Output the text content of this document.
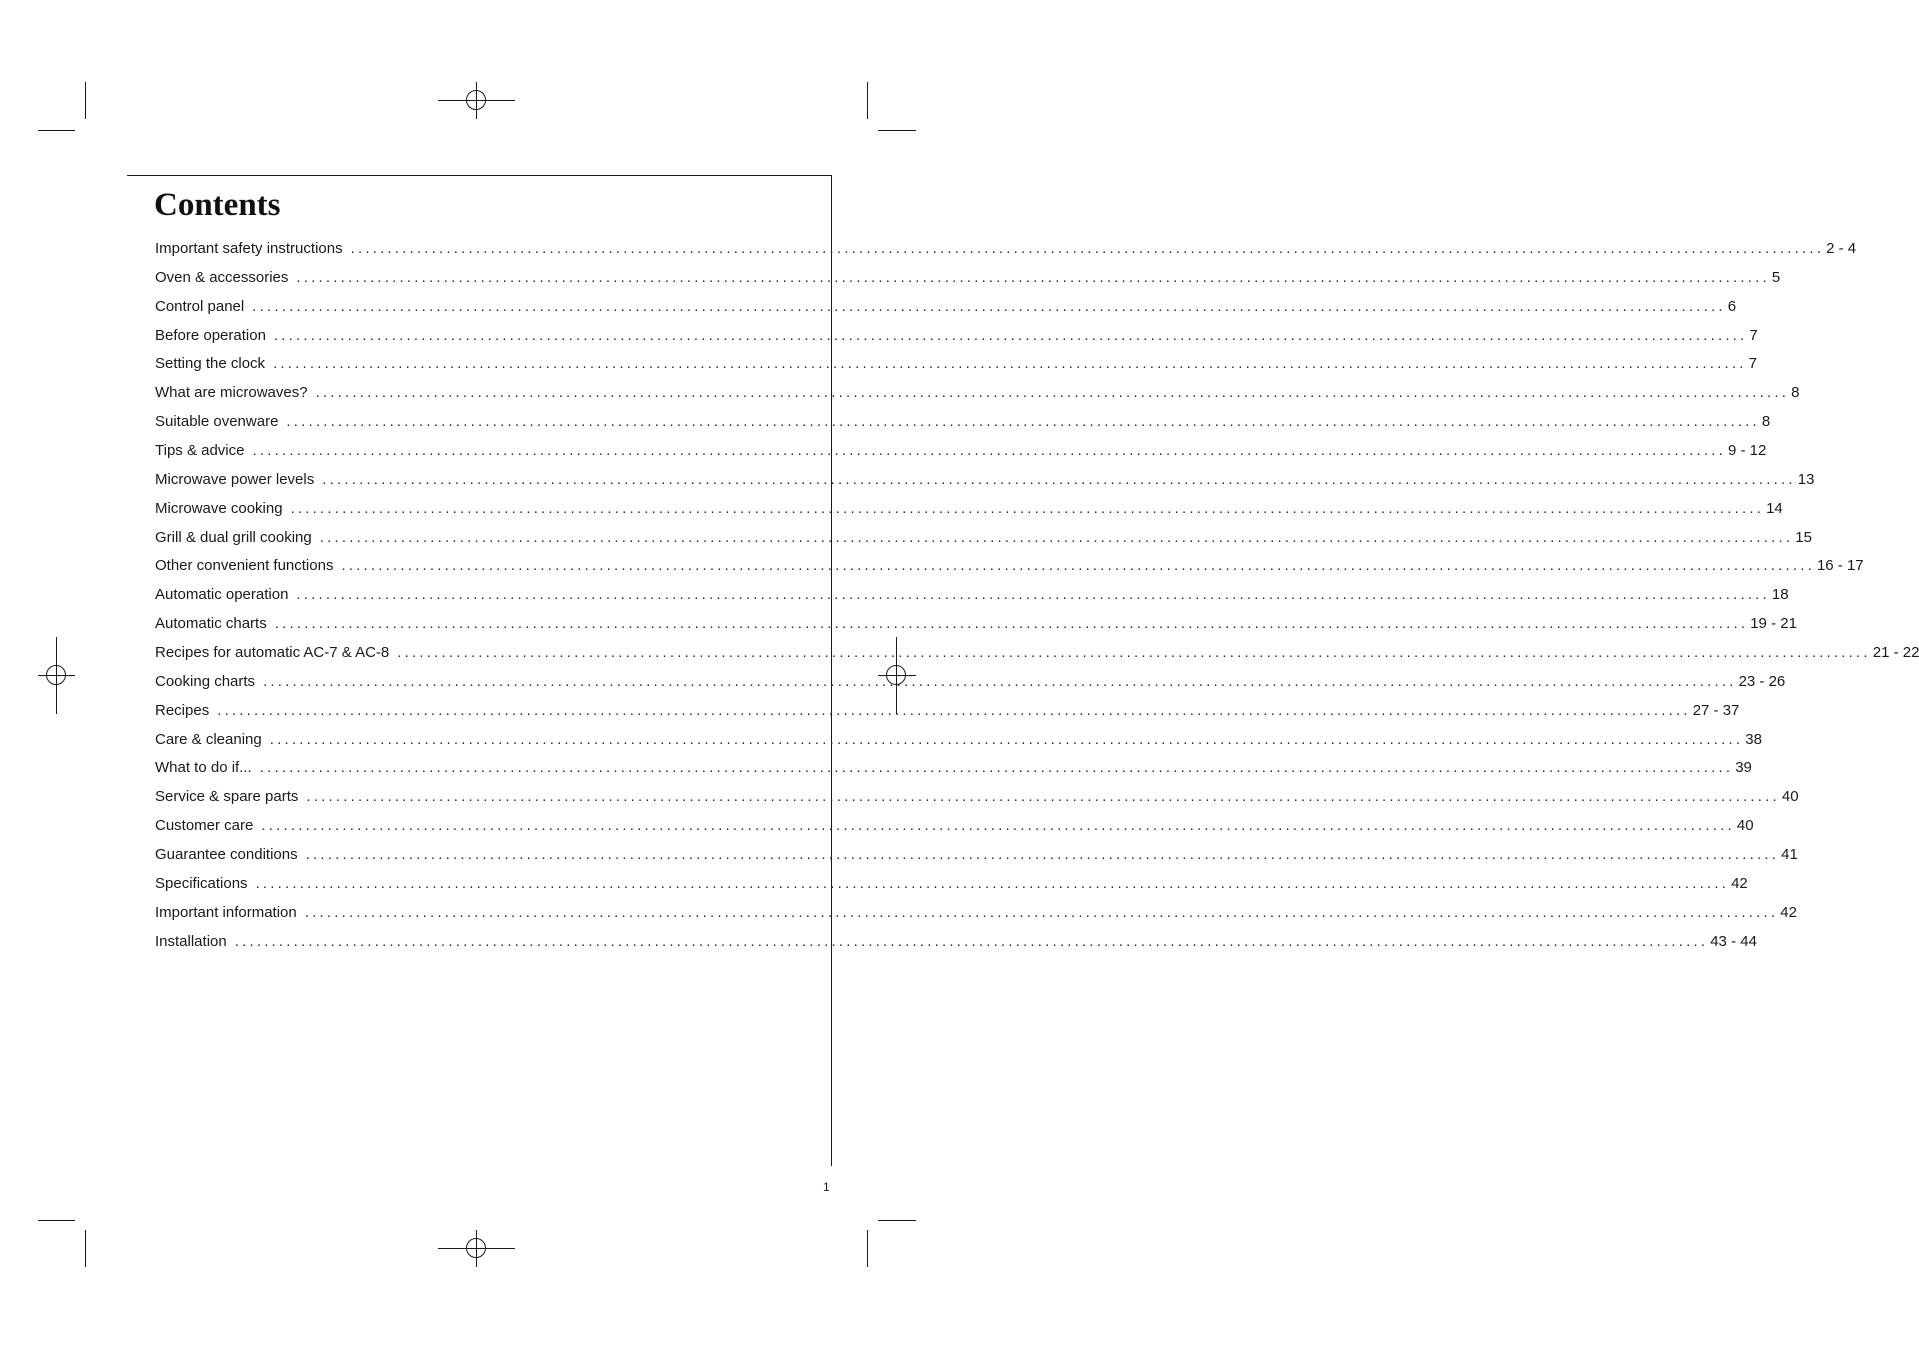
Contents
Important safety instructions ........................................................................................................................................................................................................ 2 - 4
Oven & accessories ........................................................................................................................................................................................................ 5
Control panel ........................................................................................................................................................................................................ 6
Before operation ........................................................................................................................................................................................................ 7
Setting the clock ........................................................................................................................................................................................................ 7
What are microwaves? ........................................................................................................................................................................................................ 8
Suitable ovenware ........................................................................................................................................................................................................ 8
Tips & advice ........................................................................................................................................................................................................ 9 - 12
Microwave power levels ........................................................................................................................................................................................................ 13
Microwave cooking ........................................................................................................................................................................................................ 14
Grill & dual grill cooking ........................................................................................................................................................................................................ 15
Other convenient functions ........................................................................................................................................................................................................ 16 - 17
Automatic operation ........................................................................................................................................................................................................ 18
Automatic charts ........................................................................................................................................................................................................ 19 - 21
Recipes for automatic AC-7 & AC-8 ........................................................................................................................................................................................................ 21 - 22
Cooking charts ........................................................................................................................................................................................................ 23 - 26
Recipes ........................................................................................................................................................................................................ 27 - 37
Care & cleaning ........................................................................................................................................................................................................ 38
What to do if... ........................................................................................................................................................................................................ 39
Service & spare parts ........................................................................................................................................................................................................ 40
Customer care ........................................................................................................................................................................................................ 40
Guarantee conditions ........................................................................................................................................................................................................ 41
Specifications ........................................................................................................................................................................................................ 42
Important information ........................................................................................................................................................................................................ 42
Installation ........................................................................................................................................................................................................ 43 - 44
1
